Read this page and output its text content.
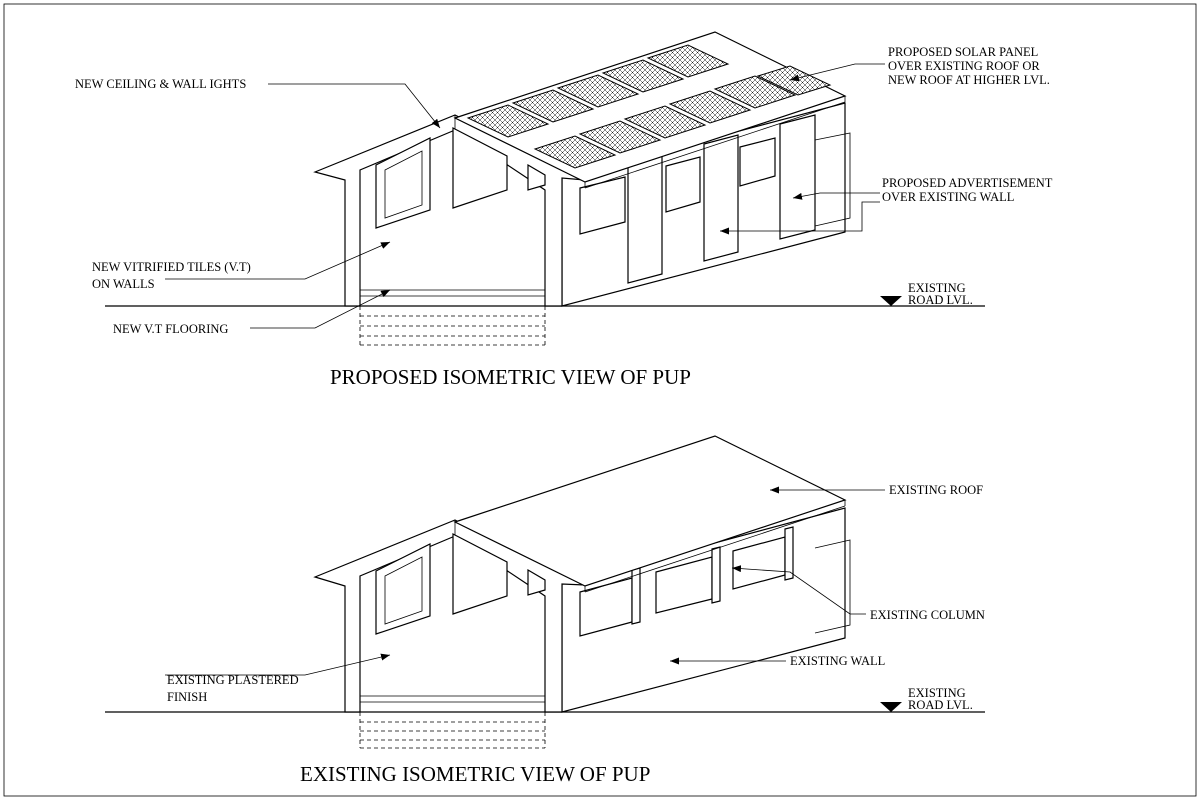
NEW CEILING & WALL IGHTS
PROPOSED SOLAR PANEL
OVER EXISTING ROOF OR
NEW ROOF AT HIGHER LVL.
PROPOSED ADVERTISEMENT
OVER EXISTING WALL
NEW VITRIFIED TILES (V.T)
ON WALLS
NEW V.T FLOORING
EXISTING
ROAD LVL.
PROPOSED ISOMETRIC VIEW OF PUP
EXISTING ROOF
EXISTING COLUMN
EXISTING WALL
EXISTING PLASTERED
FINISH	EXISTING
ROAD LVL.
EXISTING ISOMETRIC VIEW OF PUP
